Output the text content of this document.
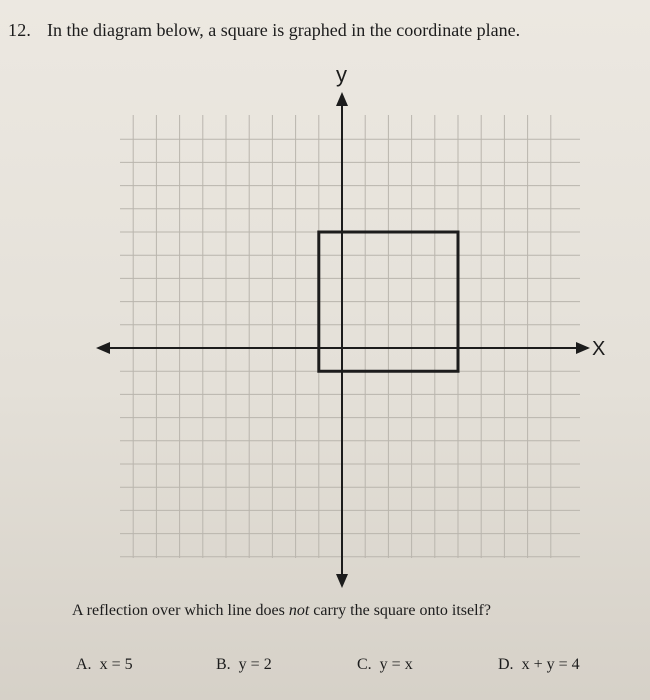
12. In the diagram below, a square is graphed in the coordinate plane.
X
y
A reflection over which line does not carry the square onto itself?
A. x = 5	B. y = 2	C. y = x	D. x + y = 4
